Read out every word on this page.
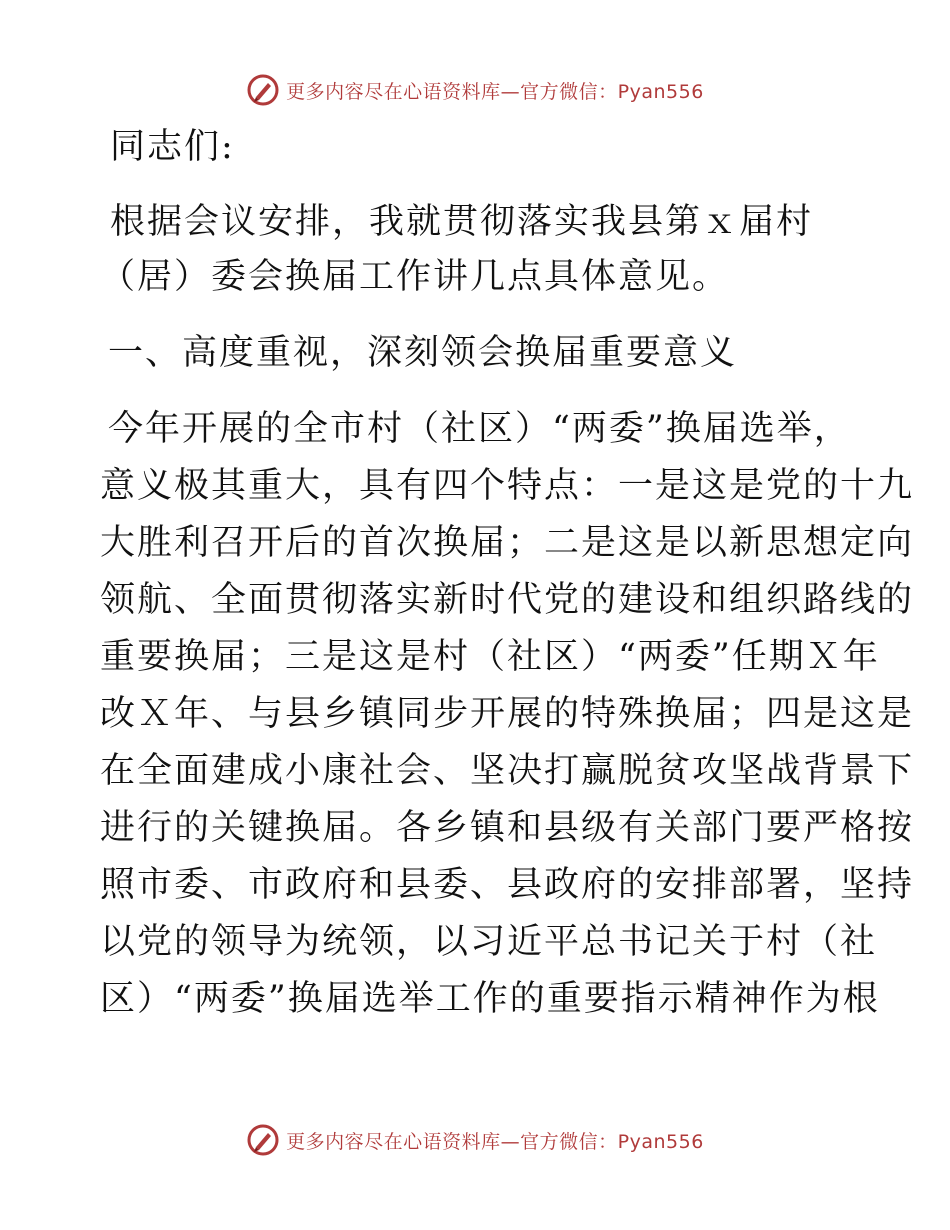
更多内容尽在心语资料库—官方微信：Pyan556
同志们:
根据会议安排，我就贯彻落实我县第ｘ届村
（居）委会换届工作讲几点具体意见。
一、高度重视，深刻领会换届重要意义
今年开展的全市村（社区）“两委”换届选举，
意义极其重大，具有四个特点：一是这是党的十九
大胜利召开后的首次换届；二是这是以新思想定向
领航、全面贯彻落实新时代党的建设和组织路线的
重要换届；三是这是村（社区）“两委”任期Ｘ年
改Ｘ年、与县乡镇同步开展的特殊换届；四是这是
在全面建成小康社会、坚决打赢脱贫攻坚战背景下
进行的关键换届。各乡镇和县级有关部门要严格按
照市委、市政府和县委、县政府的安排部署，坚持
以党的领导为统领，以习近平总书记关于村（社
区）“两委”换届选举工作的重要指示精神作为根
更多内容尽在心语资料库—官方微信：Pyan556
